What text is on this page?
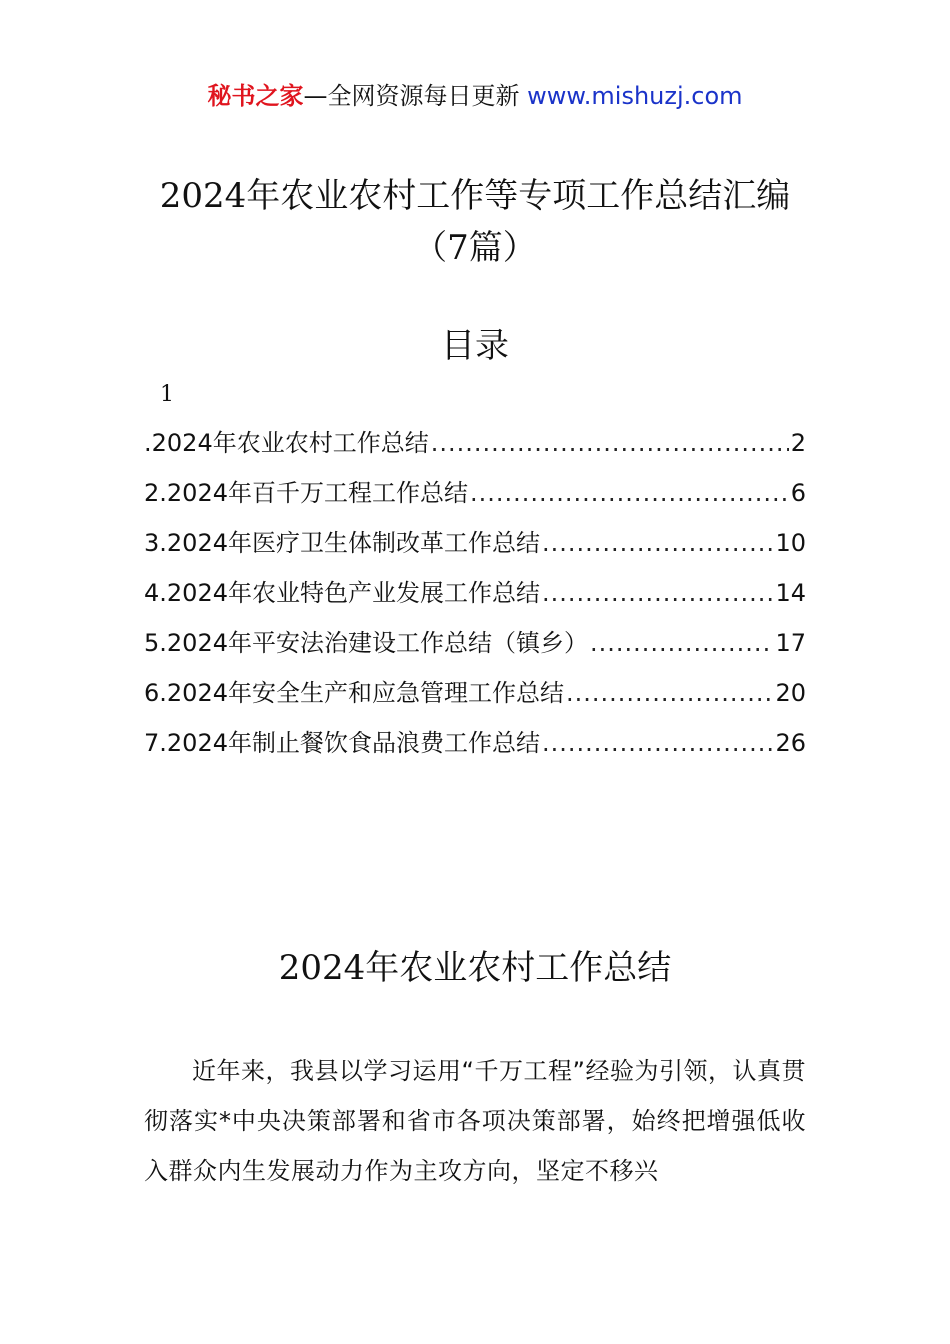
秘书之家—全网资源每日更新 www.mishuzj.com
2024年农业农村工作等专项工作总结汇编
（7篇）
目录
1
.2024年农业农村工作总结 .....	2
2.2024年百千万工程工作总结 .....	6
3.2024年医疗卫生体制改革工作总结 .....	10
4.2024年农业特色产业发展工作总结 .....	14
5.2024年平安法治建设工作总结（镇乡） .....	17
6.2024年安全生产和应急管理工作总结 .....	20
7.2024年制止餐饮食品浪费工作总结 .....	26
2024年农业农村工作总结

近年来，我县以学习运用“千万工程”经验为引领，认真贯彻落实*中央决策部署和省市各项决策部署，始终把增强低收入群众内生发展动力作为主攻方向，坚定不移兴
